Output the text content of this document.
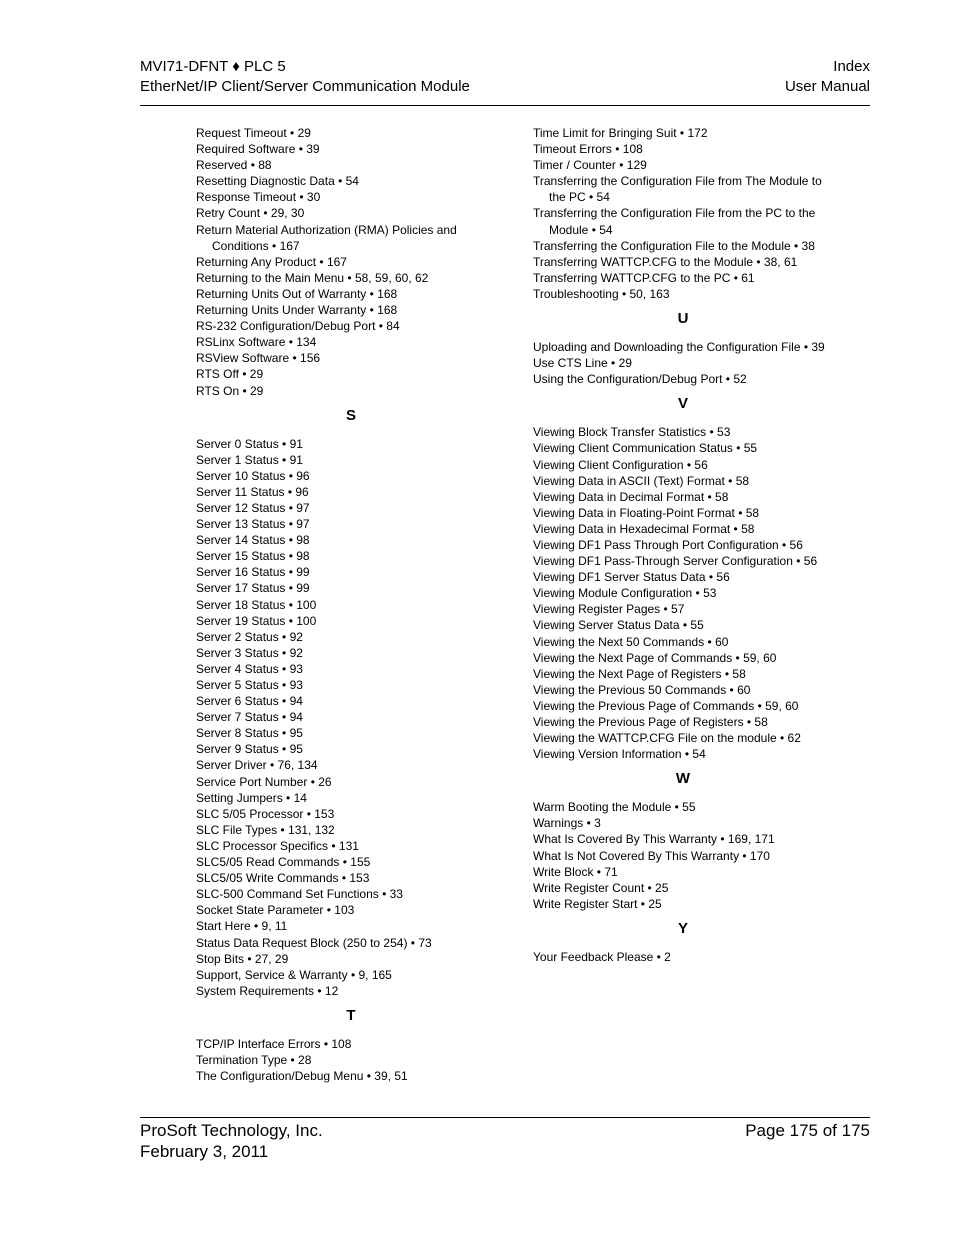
MVI71-DFNT ♦ PLC 5
EtherNet/IP Client/Server Communication Module
Index
User Manual
Request Timeout • 29
Required Software • 39
Reserved • 88
Resetting Diagnostic Data • 54
Response Timeout • 30
Retry Count • 29, 30
Return Material Authorization (RMA) Policies and Conditions • 167
Returning Any Product • 167
Returning to the Main Menu • 58, 59, 60, 62
Returning Units Out of Warranty • 168
Returning Units Under Warranty • 168
RS-232 Configuration/Debug Port • 84
RSLinx Software • 134
RSView Software • 156
RTS Off • 29
RTS On • 29
S
Server 0 Status • 91
Server 1 Status • 91
Server 10 Status • 96
Server 11 Status • 96
Server 12 Status • 97
Server 13 Status • 97
Server 14 Status • 98
Server 15 Status • 98
Server 16 Status • 99
Server 17 Status • 99
Server 18 Status • 100
Server 19 Status • 100
Server 2 Status • 92
Server 3 Status • 92
Server 4 Status • 93
Server 5 Status • 93
Server 6 Status • 94
Server 7 Status • 94
Server 8 Status • 95
Server 9 Status • 95
Server Driver • 76, 134
Service Port Number • 26
Setting Jumpers • 14
SLC 5/05 Processor • 153
SLC File Types • 131, 132
SLC Processor Specifics • 131
SLC5/05 Read Commands • 155
SLC5/05 Write Commands • 153
SLC-500 Command Set Functions • 33
Socket State Parameter • 103
Start Here • 9, 11
Status Data Request Block (250 to 254) • 73
Stop Bits • 27, 29
Support, Service & Warranty • 9, 165
System Requirements • 12
T
TCP/IP Interface Errors • 108
Termination Type • 28
The Configuration/Debug Menu • 39, 51
Time Limit for Bringing Suit • 172
Timeout Errors • 108
Timer / Counter • 129
Transferring the Configuration File from The Module to the PC • 54
Transferring the Configuration File from the PC to the Module • 54
Transferring the Configuration File to the Module • 38
Transferring WATTCP.CFG to the Module • 38, 61
Transferring WATTCP.CFG to the PC • 61
Troubleshooting • 50, 163
U
Uploading and Downloading the Configuration File • 39
Use CTS Line • 29
Using the Configuration/Debug Port • 52
V
Viewing Block Transfer Statistics • 53
Viewing Client Communication Status • 55
Viewing Client Configuration • 56
Viewing Data in ASCII (Text) Format • 58
Viewing Data in Decimal Format • 58
Viewing Data in Floating-Point Format • 58
Viewing Data in Hexadecimal Format • 58
Viewing DF1 Pass Through Port Configuration • 56
Viewing DF1 Pass-Through Server Configuration • 56
Viewing DF1 Server Status Data • 56
Viewing Module Configuration • 53
Viewing Register Pages • 57
Viewing Server Status Data • 55
Viewing the Next 50 Commands • 60
Viewing the Next Page of Commands • 59, 60
Viewing the Next Page of Registers • 58
Viewing the Previous 50 Commands • 60
Viewing the Previous Page of Commands • 59, 60
Viewing the Previous Page of Registers • 58
Viewing the WATTCP.CFG File on the module • 62
Viewing Version Information • 54
W
Warm Booting the Module • 55
Warnings • 3
What Is Covered By This Warranty • 169, 171
What Is Not Covered By This Warranty • 170
Write Block • 71
Write Register Count • 25
Write Register Start • 25
Y
Your Feedback Please • 2
ProSoft Technology, Inc.
February 3, 2011
Page 175 of 175
